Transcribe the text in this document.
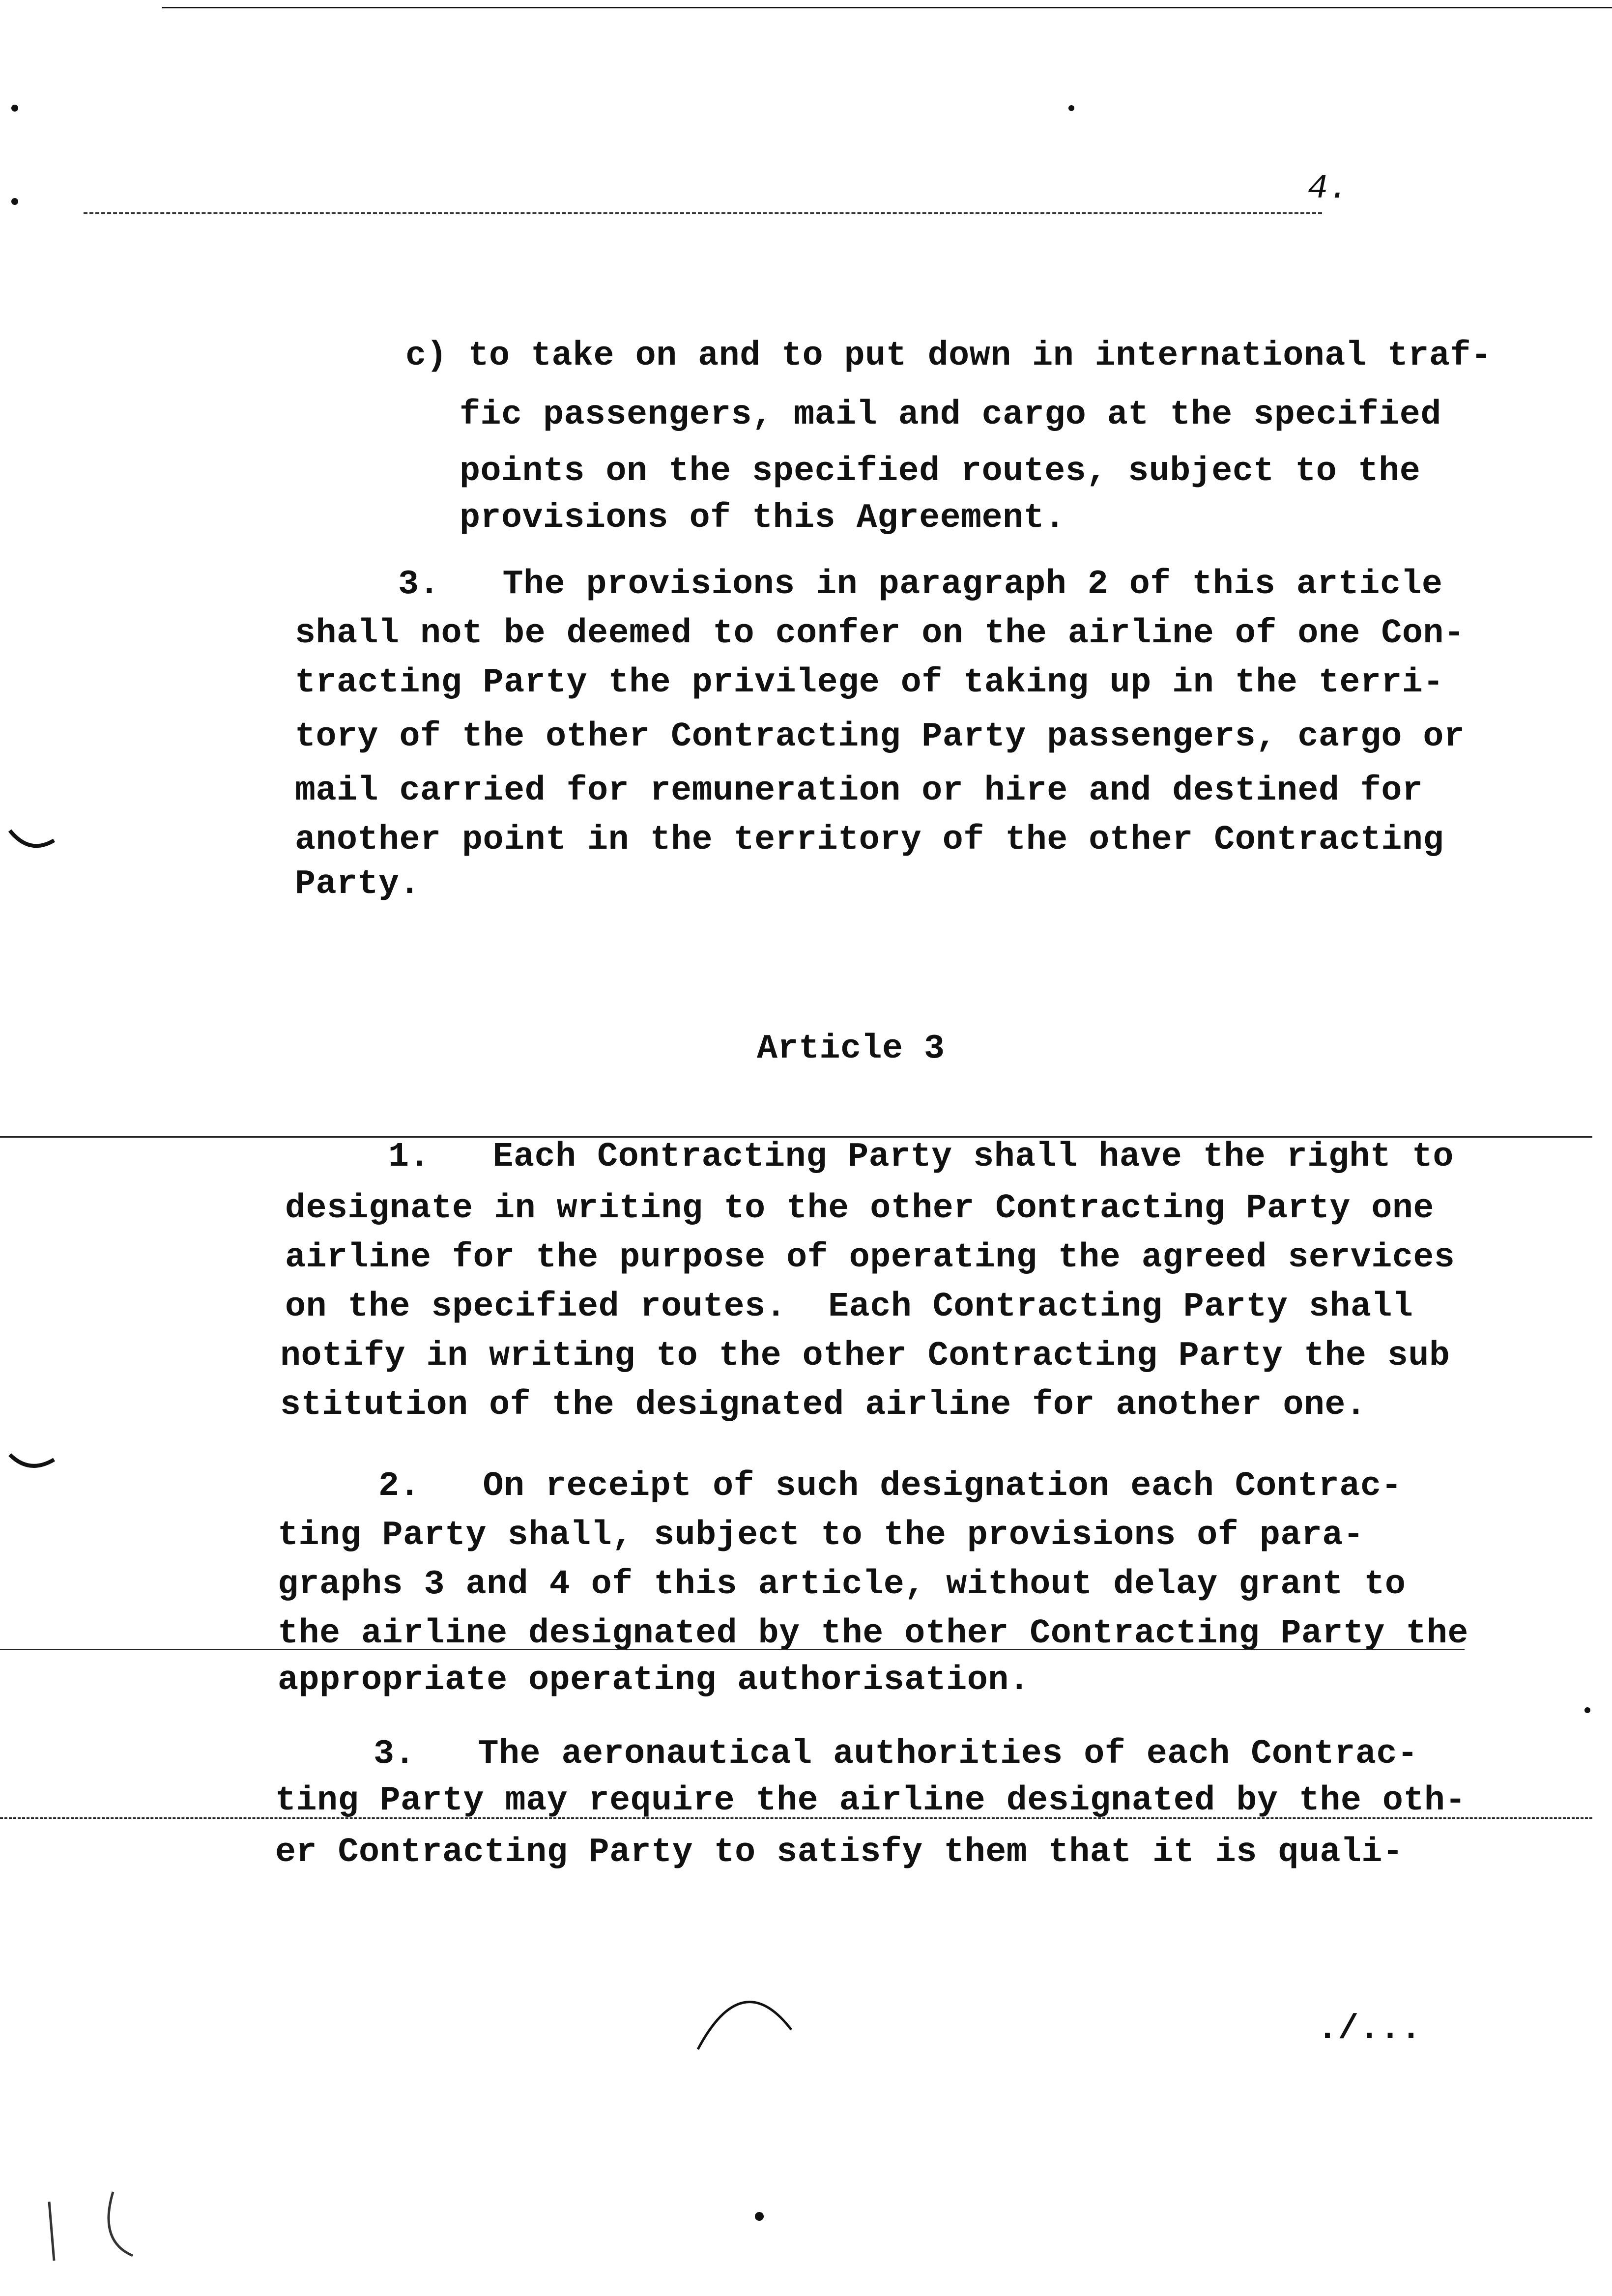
4.
c) to take on and to put down in international traf-
fic passengers, mail and cargo at the specified
points on the specified routes, subject to the
provisions of this Agreement.
3.   The provisions in paragraph 2 of this article
shall not be deemed to confer on the airline of one Con-
tracting Party the privilege of taking up in the terri-
tory of the other Contracting Party passengers, cargo or
mail carried for remuneration or hire and destined for
another point in the territory of the other Contracting
Party.
Article 3
1.   Each Contracting Party shall have the right to
designate in writing to the other Contracting Party one
airline for the purpose of operating the agreed services
on the specified routes.  Each Contracting Party shall
notify in writing to the other Contracting Party the sub
stitution of the designated airline for another one.
2.   On receipt of such designation each Contrac-
ting Party shall, subject to the provisions of para-
graphs 3 and 4 of this article, without delay grant to
the airline designated by the other Contracting Party the
appropriate operating authorisation.
3.   The aeronautical authorities of each Contrac-
ting Party may require the airline designated by the oth-
er Contracting Party to satisfy them that it is quali-
./...
